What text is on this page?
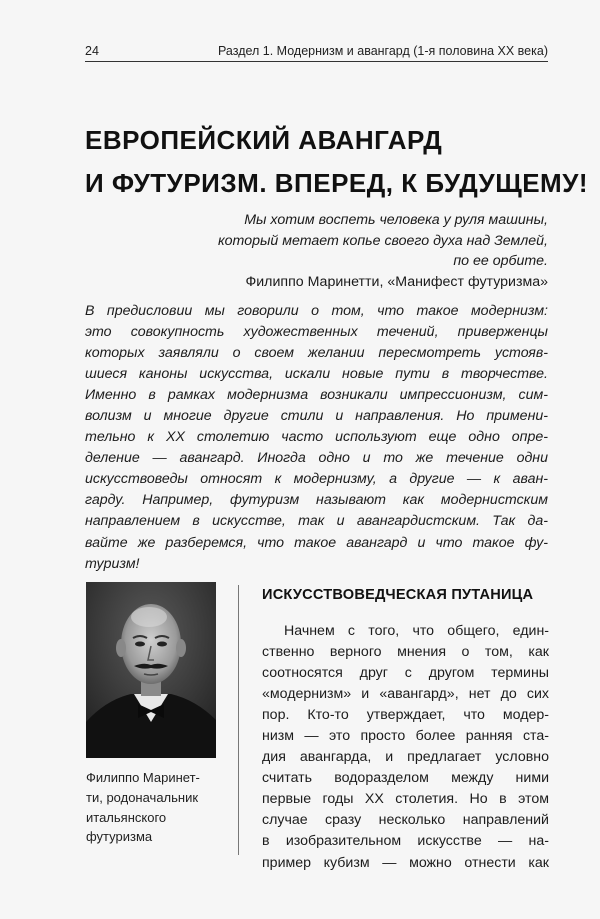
24	Раздел 1. Модернизм и авангард (1-я половина XX века)
ЕВРОПЕЙСКИЙ АВАНГАРД
И ФУТУРИЗМ. ВПЕРЕД, К БУДУЩЕМУ!
Мы хотим воспеть человека у руля машины,
который метает копье своего духа над Землей,
по ее орбите.
Филиппо Маринетти, «Манифест футуризма»
В предисловии мы говорили о том, что такое модернизм:
это совокупность художественных течений, приверженцы
которых заявляли о своем желании пересмотреть устояв-
шиеся каноны искусства, искали новые пути в творчестве.
Именно в рамках модернизма возникали импрессионизм, сим-
волизм и многие другие стили и направления. Но примени-
тельно к XX столетию часто используют еще одно опре-
деление — авангард. Иногда одно и то же течение одни
искусствоведы относят к модернизму, а другие — к аван-
гарду. Например, футуризм называют как модернистским
направлением в искусстве, так и авангардистским. Так да-
вайте же разберемся, что такое авангард и что такое фу-
туризм!
Филиппо Маринет-
ти, родоначальник
итальянского
футуризма
ИСКУССТВОВЕДЧЕСКАЯ ПУТАНИЦА
Начнем с того, что общего, един-
ственно верного мнения о том, как
соотносятся друг с другом термины
«модернизм» и «авангард», нет до сих
пор. Кто-то утверждает, что модер-
низм — это просто более ранняя ста-
дия авангарда, и предлагает условно
считать водоразделом между ними
первые годы XX столетия. Но в этом
случае сразу несколько направлений
в изобразительном искусстве — на-
пример кубизм — можно отнести как
